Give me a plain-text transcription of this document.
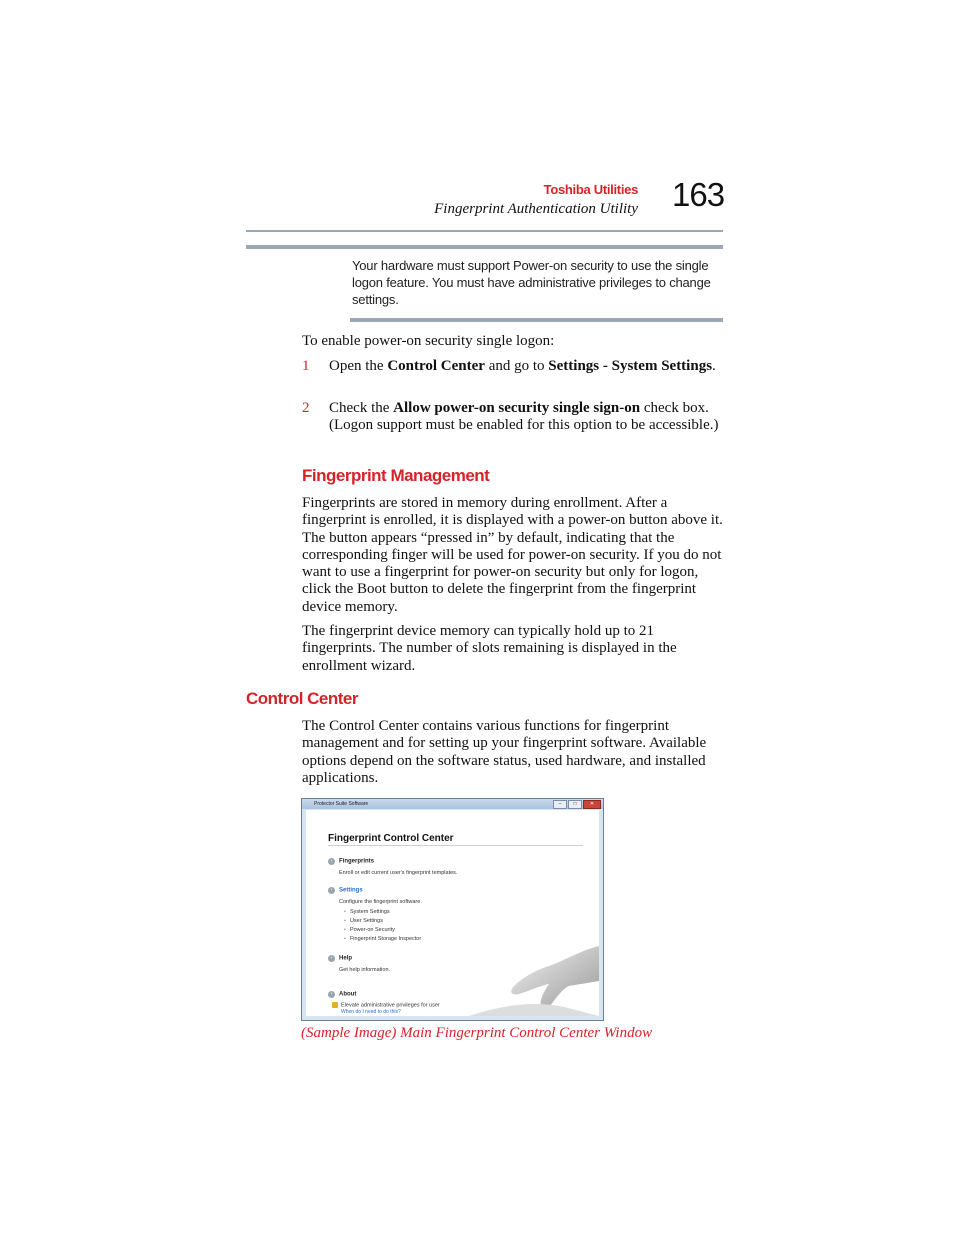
Toshiba Utilities
Fingerprint Authentication Utility 163
Your hardware must support Power-on security to use the single logon feature. You must have administrative privileges to change settings.
To enable power-on security single logon:
1 Open the Control Center and go to Settings - System Settings.
2 Check the Allow power-on security single sign-on check box. (Logon support must be enabled for this option to be accessible.)
Fingerprint Management
Fingerprints are stored in memory during enrollment. After a fingerprint is enrolled, it is displayed with a power-on button above it. The button appears “pressed in” by default, indicating that the corresponding finger will be used for power-on security. If you do not want to use a fingerprint for power-on security but only for logon, click the Boot button to delete the fingerprint from the fingerprint device memory.
The fingerprint device memory can typically hold up to 21 fingerprints. The number of slots remaining is displayed in the enrollment wizard.
Control Center
The Control Center contains various functions for fingerprint management and for setting up your fingerprint software. Available options depend on the software status, used hardware, and installed applications.
Protector Suite Software	–	□	✕
Fingerprint Control Center
› Fingerprints
Enroll or edit current user's fingerprint templates.
› Settings
Configure the fingerprint software.
• System Settings
• User Settings
• Power-on Security
• Fingerprint Storage Inspector
› Help
Get help information.
› About
Elevate administrative privileges for user
When do I need to do this?
(Sample Image) Main Fingerprint Control Center Window
